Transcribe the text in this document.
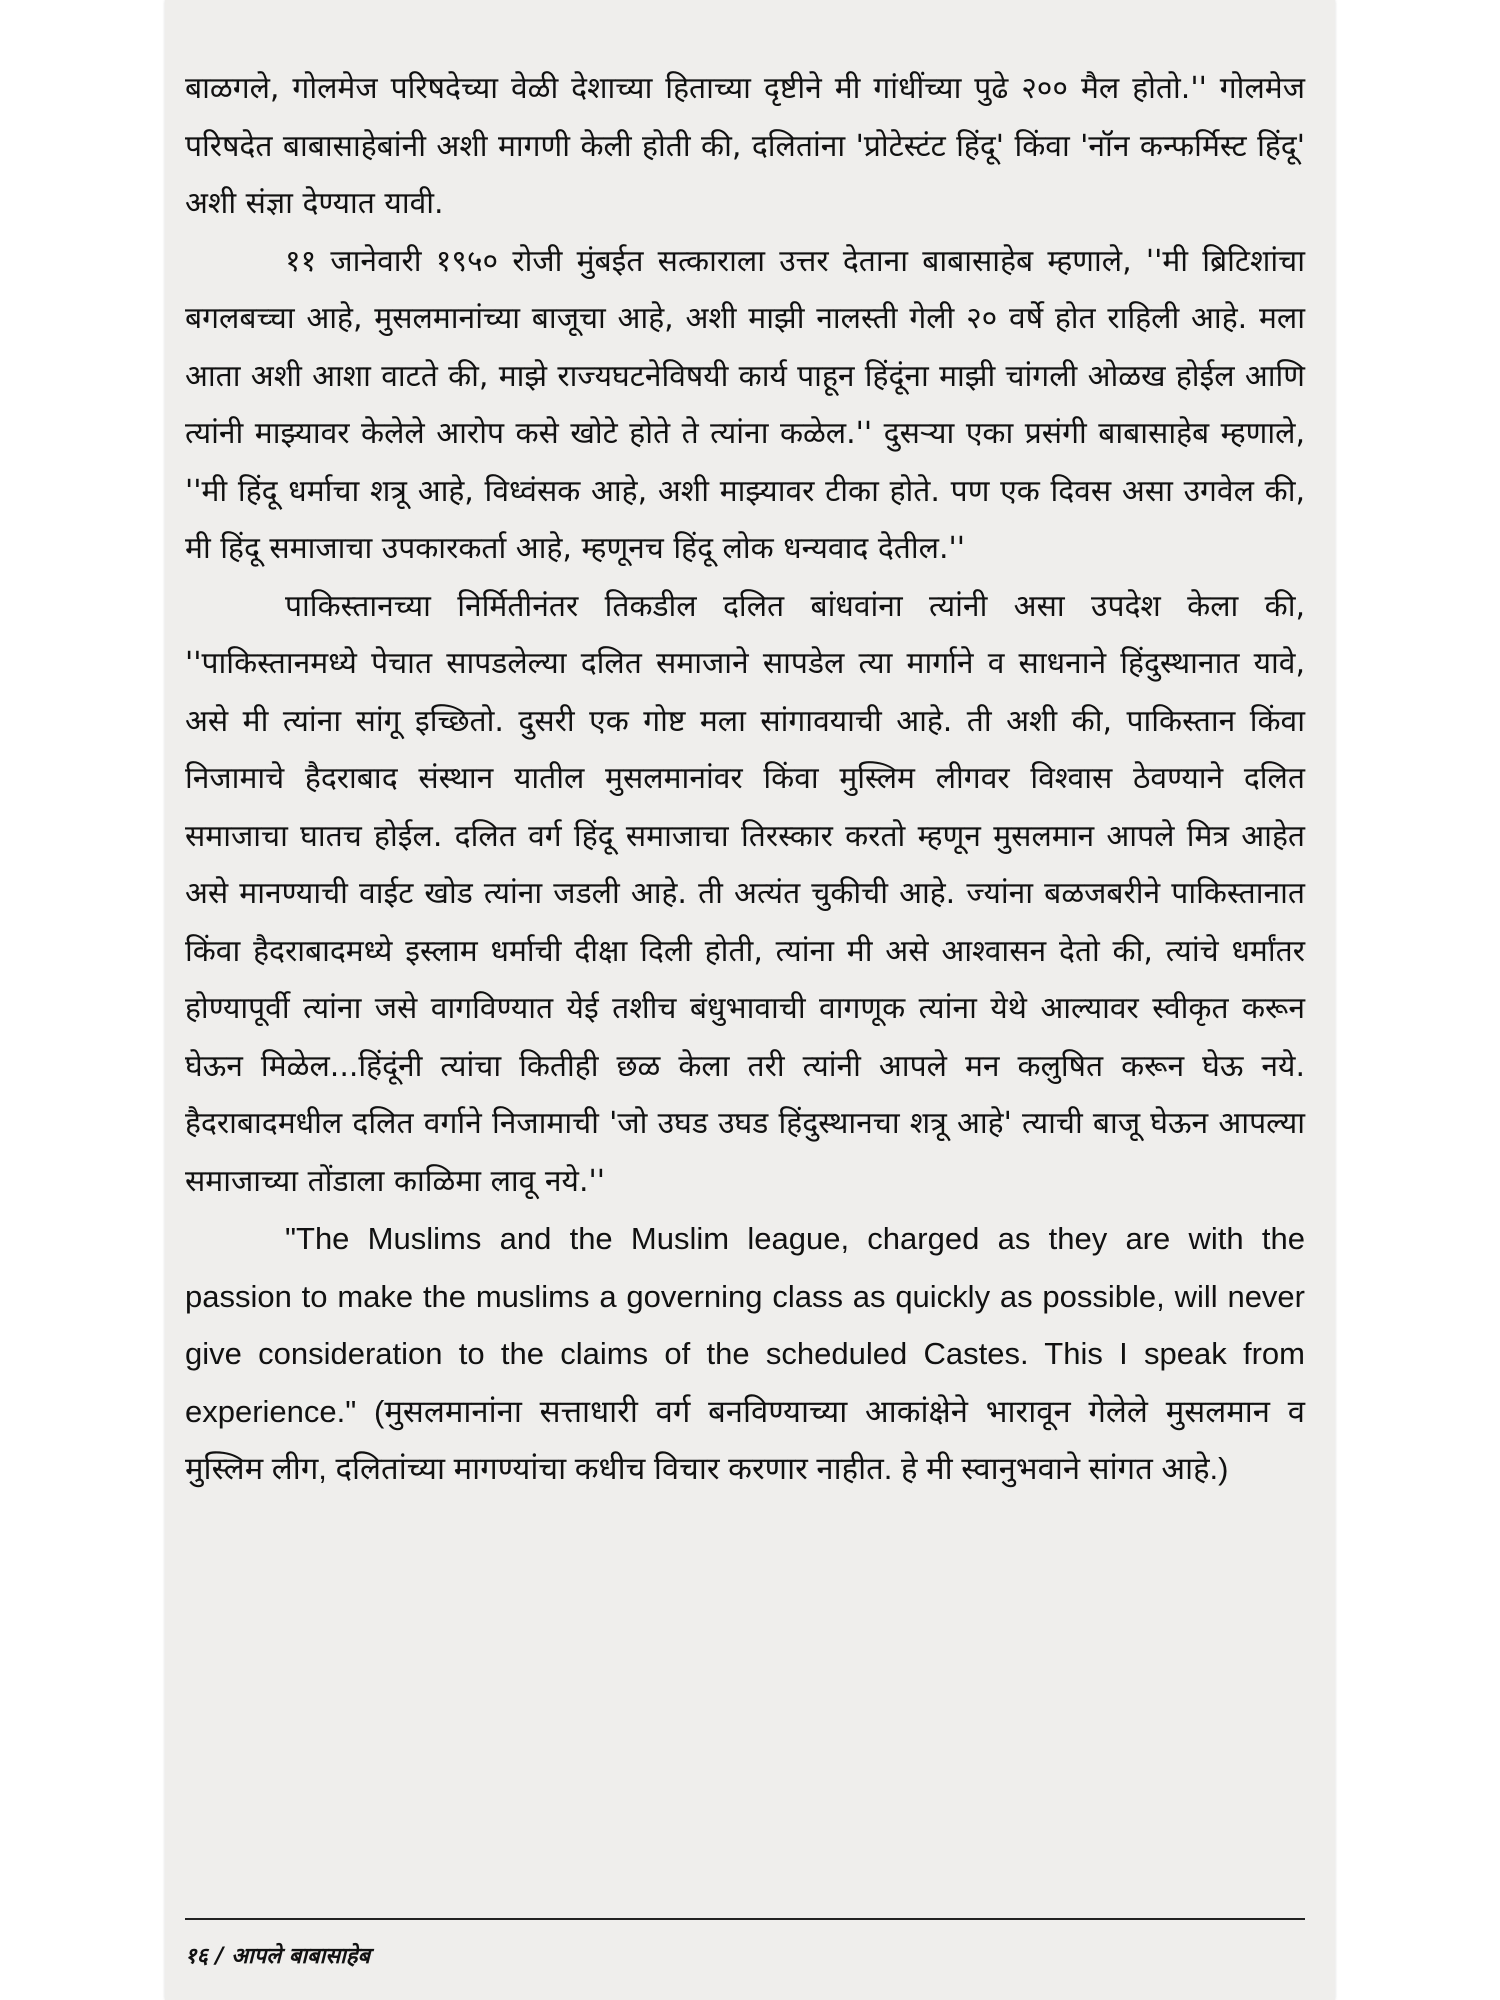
बाळगले, गोलमेज परिषदेच्या वेळी देशाच्या हिताच्या दृष्टीने मी गांधींच्या पुढे २०० मैल होतो.'' गोलमेज परिषदेत बाबासाहेबांनी अशी मागणी केली होती की, दलितांना 'प्रोटेस्टंट हिंदू' किंवा 'नॉन कन्फर्मिस्ट हिंदू' अशी संज्ञा देण्यात यावी.

११ जानेवारी १९५० रोजी मुंबईत सत्काराला उत्तर देताना बाबासाहेब म्हणाले, ''मी ब्रिटिशांचा बगलबच्चा आहे, मुसलमानांच्या बाजूचा आहे, अशी माझी नालस्ती गेली २० वर्षे होत राहिली आहे. मला आता अशी आशा वाटते की, माझे राज्यघटनेविषयी कार्य पाहून हिंदूंना माझी चांगली ओळख होईल आणि त्यांनी माझ्यावर केलेले आरोप कसे खोटे होते ते त्यांना कळेल.'' दुसऱ्या एका प्रसंगी बाबासाहेब म्हणाले, ''मी हिंदू धर्माचा शत्रू आहे, विध्वंसक आहे, अशी माझ्यावर टीका होते. पण एक दिवस असा उगवेल की, मी हिंदू समाजाचा उपकारकर्ता आहे, म्हणूनच हिंदू लोक धन्यवाद देतील.''

पाकिस्तानच्या निर्मितीनंतर तिकडील दलित बांधवांना त्यांनी असा उपदेश केला की, ''पाकिस्तानमध्ये पेचात सापडलेल्या दलित समाजाने सापडेल त्या मार्गाने व साधनाने हिंदुस्थानात यावे, असे मी त्यांना सांगू इच्छितो. दुसरी एक गोष्ट मला सांगावयाची आहे. ती अशी की, पाकिस्तान किंवा निजामाचे हैदराबाद संस्थान यातील मुसलमानांवर किंवा मुस्लिम लीगवर विश्वास ठेवण्याने दलित समाजाचा घातच होईल. दलित वर्ग हिंदू समाजाचा तिरस्कार करतो म्हणून मुसलमान आपले मित्र आहेत असे मानण्याची वाईट खोड त्यांना जडली आहे. ती अत्यंत चुकीची आहे. ज्यांना बळजबरीने पाकिस्तानात किंवा हैदराबादमध्ये इस्लाम धर्माची दीक्षा दिली होती, त्यांना मी असे आश्वासन देतो की, त्यांचे धर्मांतर होण्यापूर्वी त्यांना जसे वागविण्यात येई तशीच बंधुभावाची वागणूक त्यांना येथे आल्यावर स्वीकृत करून घेऊन मिळेल...हिंदूंनी त्यांचा कितीही छळ केला तरी त्यांनी आपले मन कलुषित करून घेऊ नये. हैदराबादमधील दलित वर्गाने निजामाची 'जो उघड उघड हिंदुस्थानचा शत्रू आहे' त्याची बाजू घेऊन आपल्या समाजाच्या तोंडाला काळिमा लावू नये.''

"The Muslims and the Muslim league, charged as they are with the passion to make the muslims a governing class as quickly as possible, will never give consideration to the claims of the scheduled Castes. This I speak from experience." (मुसलमानांना सत्ताधारी वर्ग बनविण्याच्या आकांक्षेने भारावून गेलेले मुसलमान व मुस्लिम लीग, दलितांच्या मागण्यांचा कधीच विचार करणार नाहीत. हे मी स्वानुभवाने सांगत आहे.)

१६ / आपले बाबासाहेब
